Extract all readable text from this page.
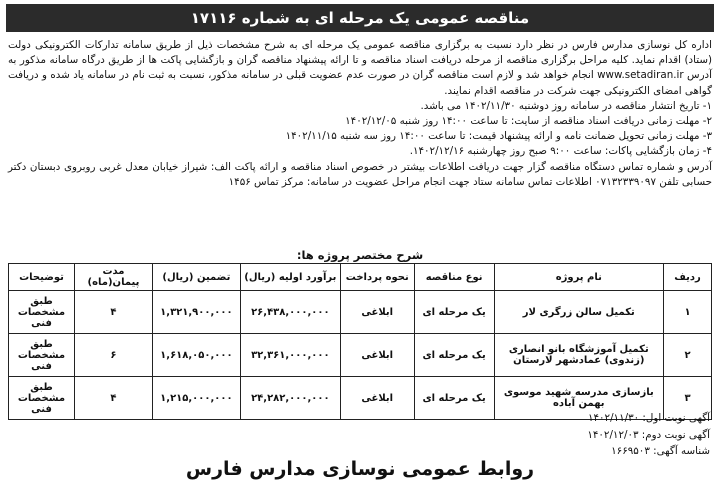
مناقصه عمومی یک مرحله ای به شماره ۱۷۱۱۶

اداره کل نوسازی مدارس فارس در نظر دارد نسبت به برگزاری مناقصه عمومی یک مرحله ای به شرح مشخصات ذیل از طریق سامانه تدارکات الکترونیکی دولت (ستاد) اقدام نماید. کلیه مراحل برگزاری مناقصه از مرحله دریافت اسناد مناقصه و تا ارائه پیشنهاد مناقصه گران و بازگشایی پاکت ها از طریق درگاه سامانه مذکور به آدرس www.setadiran.ir انجام خواهد شد و لازم است مناقصه گران در صورت عدم عضویت قبلی در سامانه مذکور، نسبت به ثبت نام در سامانه یاد شده و دریافت گواهی امضای الکترونیکی جهت شرکت در مناقصه اقدام نمایند.

۱- تاریخ انتشار مناقصه در سامانه روز دوشنبه ۱۴۰۲/۱۱/۳۰ می باشد.

۲- مهلت زمانی دریافت اسناد مناقصه از سایت: تا ساعت ۱۴:۰۰ روز شنبه ۱۴۰۲/۱۲/۰۵

۳- مهلت زمانی تحویل ضمانت نامه و ارائه پیشنهاد قیمت: تا ساعت ۱۴:۰۰ روز سه شنبه ۱۴۰۲/۱۱/۱۵

۴- زمان بازگشایی پاکات: ساعت ۹:۰۰ صبح روز چهارشنبه ۱۴۰۲/۱۲/۱۶.

آدرس و شماره تماس دستگاه مناقصه گزار جهت دریافت اطلاعات بیشتر در خصوص اسناد مناقصه و ارائه پاکت الف: شیراز خیابان معدل غربی روبروی دبستان دکتر حسابی تلفن ۰۷۱۳۲۳۳۹۰۹۷ اطلاعات تماس سامانه ستاد جهت انجام مراحل عضویت در سامانه: مرکز تماس ۱۴۵۶

شرح مختصر پروژه ها:
ردیف	نام پروژه	نوع مناقصه	نحوه پرداخت	برآورد اولیه (ریال)	تضمین (ریال)	مدت پیمان(ماه)	توضیحات
۱	تکمیل سالن زرگری لار	یک مرحله ای	ابلاغی	۲۶,۴۳۸,۰۰۰,۰۰۰	۱,۳۲۱,۹۰۰,۰۰۰	۴	طبق مشخصات فنی
۲	تکمیل آموزشگاه بانو انصاری (زندوی) عمادشهر لارستان	یک مرحله ای	ابلاغی	۳۲,۳۶۱,۰۰۰,۰۰۰	۱,۶۱۸,۰۵۰,۰۰۰	۶	طبق مشخصات فنی
۳	بازسازی مدرسه شهید موسوی بهمن آباده	یک مرحله ای	ابلاغی	۲۴,۲۸۲,۰۰۰,۰۰۰	۱,۲۱۵,۰۰۰,۰۰۰	۴	طبق مشخصات فنی
آگهی نوبت اول: ۱۴۰۲/۱۱/۳۰
آگهی نوبت دوم: ۱۴۰۲/۱۲/۰۳
شناسه آگهی: ۱۶۶۹۵۰۳
روابط عمومی نوسازی مدارس فارس
